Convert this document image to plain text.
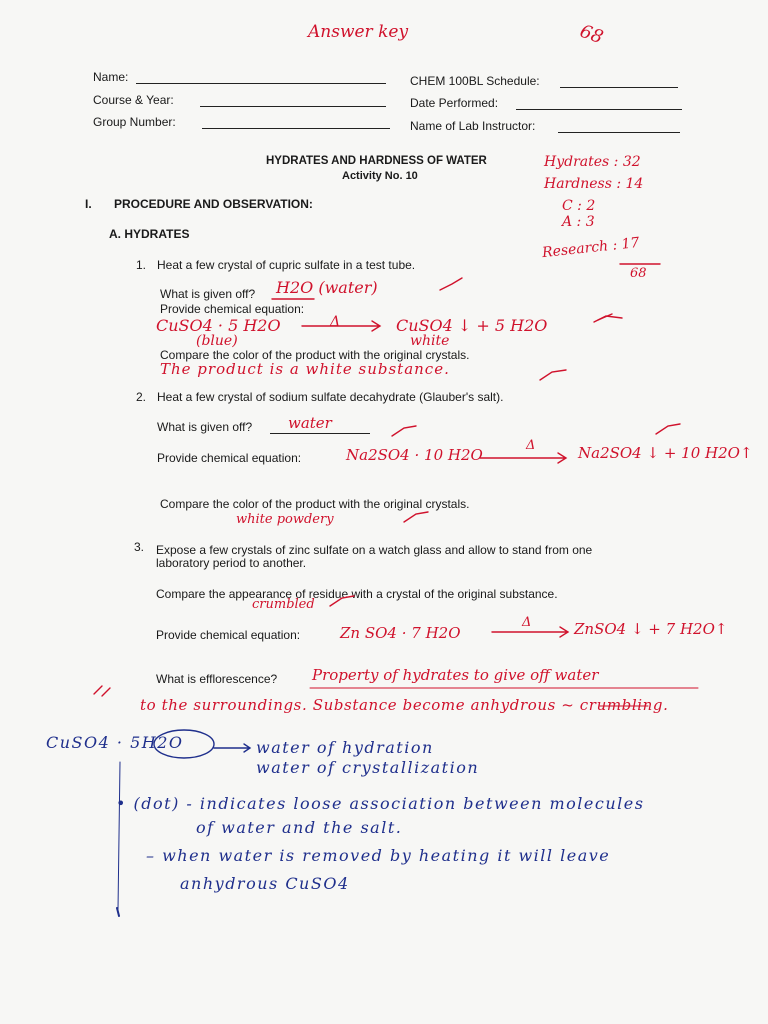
Answer key	68
Name:
Course & Year:
Group Number:
CHEM 100BL Schedule:
Date Performed:
Name of Lab Instructor:
HYDRATES AND HARDNESS OF WATER
Activity No. 10
Hydrates : 32
Hardness : 14
C : 2
A : 3
Research : 17
68
I. PROCEDURE AND OBSERVATION:
A. HYDRATES
1. Heat a few crystal of cupric sulfate in a test tube.
What is given off? H2O (water)
Provide chemical equation:
CuSO4 · 5 H2O
(blue)
Δ	CuSO4 ↓ + 5 H2O
white
Compare the color of the product with the original crystals.
The product is a white substance.
2. Heat a few crystal of sodium sulfate decahydrate (Glauber's salt).
What is given off? water
Provide chemical equation:	Na2SO4 · 10 H2O
Δ	Na2SO4 ↓ + 10 H2O↑
Compare the color of the product with the original crystals.
white powdery
3. Expose a few crystals of zinc sulfate on a watch glass and allow to stand from one
laboratory period to another.
Compare the appearance of residue with a crystal of the original substance.
crumbled
Provide chemical equation:	Zn SO4 · 7 H2O
Δ	ZnSO4 ↓ + 7 H2O↑
What is efflorescence? Property of hydrates to give off water
to the surroundings. Substance become anhydrous ~ crumbling.
CuSO4 · 5H2O	water of hydration
water of crystallization
• (dot) - indicates loose association between molecules
of water and the salt.
– when water is removed by heating it will leave
anhydrous CuSO4
